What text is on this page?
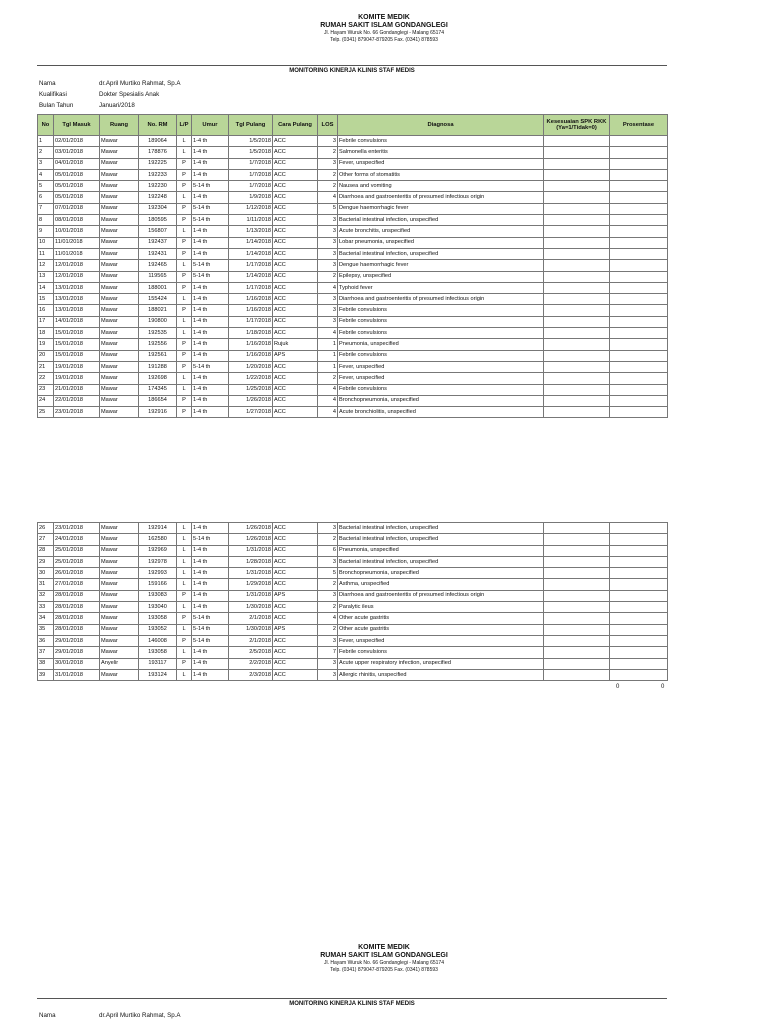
KOMITE MEDIK
RUMAH SAKIT ISLAM GONDANGLEGI
Jl. Hayam Wuruk No. 66 Gondanglegi - Malang 65174
Telp. (0341) 879047-879205 Fax. (0341) 878593
MONITORING KINERJA KLINIS STAF MEDIS
Nama	dr.April Murtiko Rahmat, Sp.A
Kualifikasi	Dokter Spesialis Anak
Bulan Tahun	Januari/2018
No	Tgl Masuk	Ruang	No. RM	L/P	Umur	Tgl Pulang	Cara Pulang	LOS	Diagnosa	Kesesuaian SPK RKK (Ya=1/Tidak=0)	Prosentase
1	02/01/2018	Mawar	189064	L	1-4 th	1/5/2018	ACC	3	Febrile convulsions		
2	03/01/2018	Mawar	178876	L	1-4 th	1/5/2018	ACC	2	Salmonella enteritis		
3	04/01/2018	Mawar	192225	P	1-4 th	1/7/2018	ACC	3	Fever, unspecified		
4	05/01/2018	Mawar	192233	P	1-4 th	1/7/2018	ACC	2	Other forms of stomatitis		
5	05/01/2018	Mawar	192230	P	5-14 th	1/7/2018	ACC	2	Nausea and vomiting		
6	05/01/2018	Mawar	192248	L	1-4 th	1/9/2018	ACC	4	Diarrhoea and gastroenteritis of presumed infectious origin		
7	07/01/2018	Mawar	192304	P	5-14 th	1/12/2018	ACC	5	Dengue haemorrhagic fever		
8	08/01/2018	Mawar	180595	P	5-14 th	1/11/2018	ACC	3	Bacterial intestinal infection, unspecified		
9	10/01/2018	Mawar	156807	L	1-4 th	1/13/2018	ACC	3	Acute bronchitis, unspecified		
10	11/01/2018	Mawar	192437	P	1-4 th	1/14/2018	ACC	3	Lobar pneumonia, unspecified		
11	11/01/2018	Mawar	192431	P	1-4 th	1/14/2018	ACC	3	Bacterial intestinal infection, unspecified		
12	12/01/2018	Mawar	192465	L	5-14 th	1/17/2018	ACC	3	Dengue haemorrhagic fever		
13	12/01/2018	Mawar	119565	P	5-14 th	1/14/2018	ACC	2	Epilepsy, unspecified		
14	13/01/2018	Mawar	188001	P	1-4 th	1/17/2018	ACC	4	Typhoid fever		
15	13/01/2018	Mawar	155424	L	1-4 th	1/16/2018	ACC	3	Diarrhoea and gastroenteritis of presumed infectious origin		
16	13/01/2018	Mawar	188021	P	1-4 th	1/16/2018	ACC	3	Febrile convulsions		
17	14/01/2018	Mawar	190800	L	1-4 th	1/17/2018	ACC	3	Febrile convulsions		
18	15/01/2018	Mawar	192535	L	1-4 th	1/18/2018	ACC	4	Febrile convulsions		
19	15/01/2018	Mawar	192556	P	1-4 th	1/16/2018	Rujuk	1	Pneumonia, unspecified		
20	15/01/2018	Mawar	192561	P	1-4 th	1/16/2018	APS	1	Febrile convulsions		
21	19/01/2018	Mawar	191288	P	5-14 th	1/20/2018	ACC	1	Fever, unspecified		
22	19/01/2018	Mawar	192698	L	1-4 th	1/22/2018	ACC	2	Fever, unspecified		
23	21/01/2018	Mawar	174345	L	1-4 th	1/25/2018	ACC	4	Febrile convulsions		
24	22/01/2018	Mawar	186654	P	1-4 th	1/26/2018	ACC	4	Bronchopneumonia, unspecified		
25	23/01/2018	Mawar	192916	P	1-4 th	1/27/2018	ACC	4	Acute bronchiolitis, unspecified		
26	23/01/2018	Mawar	192914	L	1-4 th	1/26/2018	ACC	3	Bacterial intestinal infection, unspecified		
27	24/01/2018	Mawar	162580	L	5-14 th	1/26/2018	ACC	2	Bacterial intestinal infection, unspecified		
28	25/01/2018	Mawar	192969	L	1-4 th	1/31/2018	ACC	6	Pneumonia, unspecified		
29	25/01/2018	Mawar	192978	L	1-4 th	1/28/2018	ACC	3	Bacterial intestinal infection, unspecified		
30	26/01/2018	Mawar	192993	L	1-4 th	1/31/2018	ACC	5	Bronchopneumonia, unspecified		
31	27/01/2018	Mawar	159166	L	1-4 th	1/29/2018	ACC	2	Asthma, unspecified		
32	28/01/2018	Mawar	193083	P	1-4 th	1/31/2018	APS	3	Diarrhoea and gastroenteritis of presumed infectious origin		
33	28/01/2018	Mawar	193040	L	1-4 th	1/30/2018	ACC	2	Paralytic ileus		
34	28/01/2018	Mawar	193058	P	5-14 th	2/1/2018	ACC	4	Other acute gastritis		
35	28/01/2018	Mawar	193052	L	5-14 th	1/30/2018	APS	2	Other acute gastritis		
36	29/01/2018	Mawar	146008	P	5-14 th	2/1/2018	ACC	3	Fever, unspecified		
37	29/01/2018	Mawar	193058	L	1-4 th	2/5/2018	ACC	7	Febrile convulsions		
38	30/01/2018	Anyelir	193117	P	1-4 th	2/2/2018	ACC	3	Acute upper respiratory infection, unspecified		
39	31/01/2018	Mawar	193124	L	1-4 th	2/3/2018	ACC	3	Allergic rhinitis, unspecified		
0	0
KOMITE MEDIK
RUMAH SAKIT ISLAM GONDANGLEGI
Jl. Hayam Wuruk No. 66 Gondanglegi - Malang 65174
Telp. (0341) 879047-879205 Fax. (0341) 878593
MONITORING KINERJA KLINIS STAF MEDIS
Nama	dr.April Murtiko Rahmat, Sp.A
